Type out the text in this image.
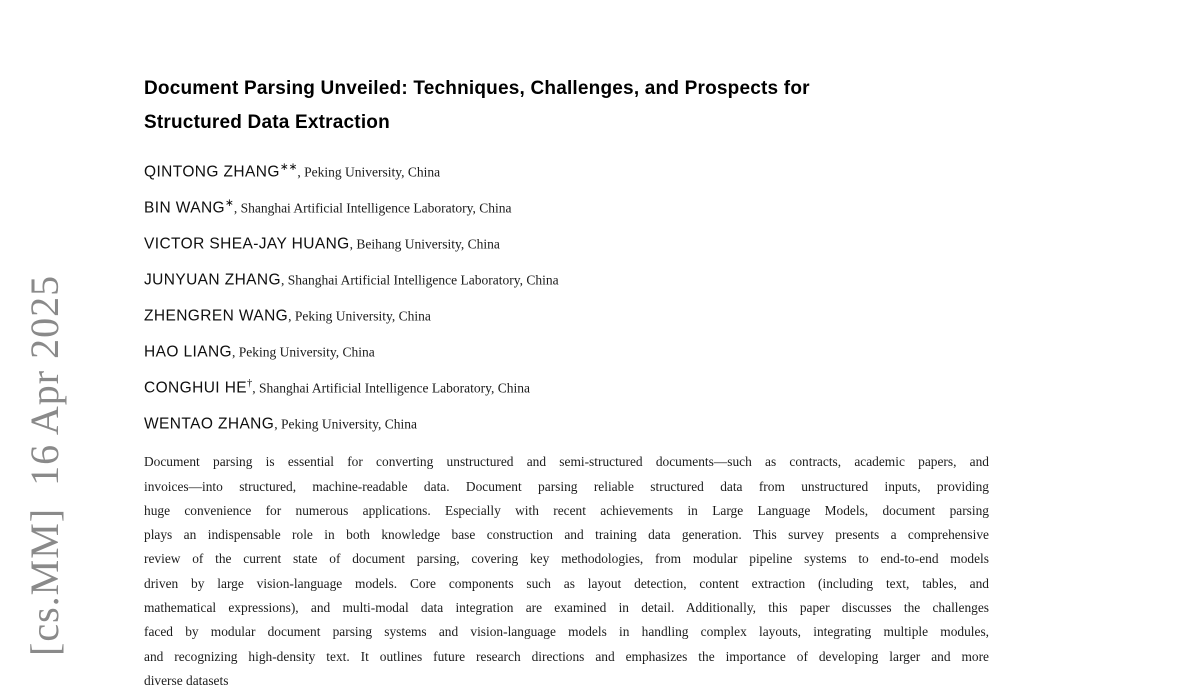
[cs.MM]  16 Apr 2025
Document Parsing Unveiled: Techniques, Challenges, and Prospects for
Structured Data Extraction
QINTONG ZHANG∗∗, Peking University, China
BIN WANG∗, Shanghai Artificial Intelligence Laboratory, China
VICTOR SHEA-JAY HUANG, Beihang University, China
JUNYUAN ZHANG, Shanghai Artificial Intelligence Laboratory, China
ZHENGREN WANG, Peking University, China
HAO LIANG, Peking University, China
CONGHUI HE†, Shanghai Artificial Intelligence Laboratory, China
WENTAO ZHANG, Peking University, China

Document parsing is essential for converting unstructured and semi-structured documents—such as contracts, academic papers, and

invoices—into structured, machine-readable data. Document parsing reliable structured data from unstructured inputs, providing

huge convenience for numerous applications. Especially with recent achievements in Large Language Models, document parsing

plays an indispensable role in both knowledge base construction and training data generation. This survey presents a comprehensive

review of the current state of document parsing, covering key methodologies, from modular pipeline systems to end-to-end models

driven by large vision-language models. Core components such as layout detection, content extraction (including text, tables, and

mathematical expressions), and multi-modal data integration are examined in detail. Additionally, this paper discusses the challenges

faced by modular document parsing systems and vision-language models in handling complex layouts, integrating multiple modules,

and recognizing high-density text. It outlines future research directions and emphasizes the importance of developing larger and more

diverse datasets
